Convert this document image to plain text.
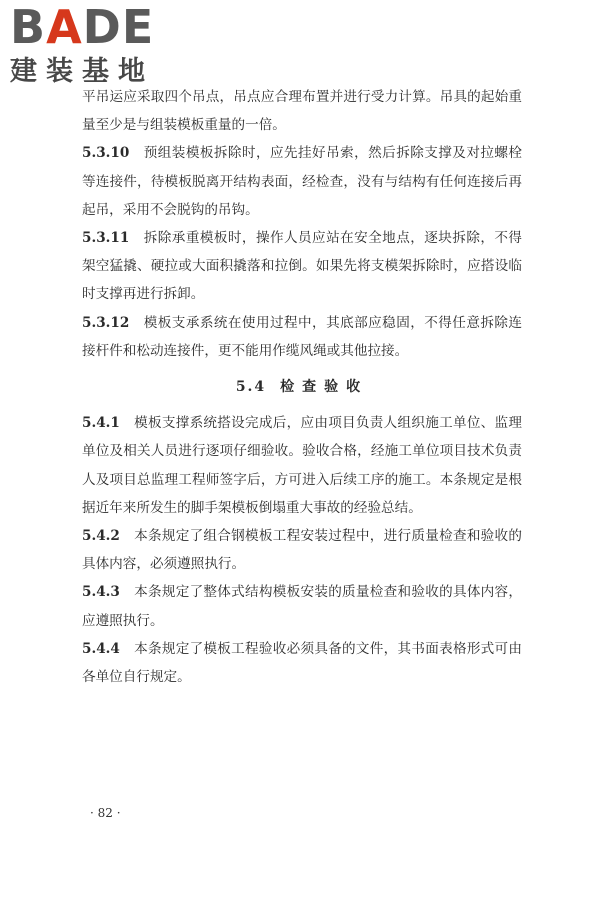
BADE
建装基地

平吊运应采取四个吊点，吊点应合理布置并进行受力计算。吊具的起始重量至少是与组装模板重量的一倍。

5.3.10 预组装模板拆除时，应先挂好吊索，然后拆除支撑及对拉螺栓等连接件，待模板脱离开结构表面，经检查，没有与结构有任何连接后再起吊，采用不会脱钩的吊钩。

5.3.11 拆除承重模板时，操作人员应站在安全地点，逐块拆除，不得架空猛撬、硬拉或大面积撬落和拉倒。如果先将支模架拆除时，应搭设临时支撑再进行拆卸。

5.3.12 模板支承系统在使用过程中，其底部应稳固，不得任意拆除连接杆件和松动连接件，更不能用作缆风绳或其他拉接。

5.4 检查验收

5.4.1 模板支撑系统搭设完成后，应由项目负责人组织施工单位、监理单位及相关人员进行逐项仔细验收。验收合格，经施工单位项目技术负责人及项目总监理工程师签字后，方可进入后续工序的施工。本条规定是根据近年来所发生的脚手架模板倒塌重大事故的经验总结。

5.4.2 本条规定了组合钢模板工程安装过程中，进行质量检查和验收的具体内容，必须遵照执行。

5.4.3 本条规定了整体式结构模板安装的质量检查和验收的具体内容，应遵照执行。

5.4.4 本条规定了模板工程验收必须具备的文件，其书面表格形式可由各单位自行规定。

· 82 ·
